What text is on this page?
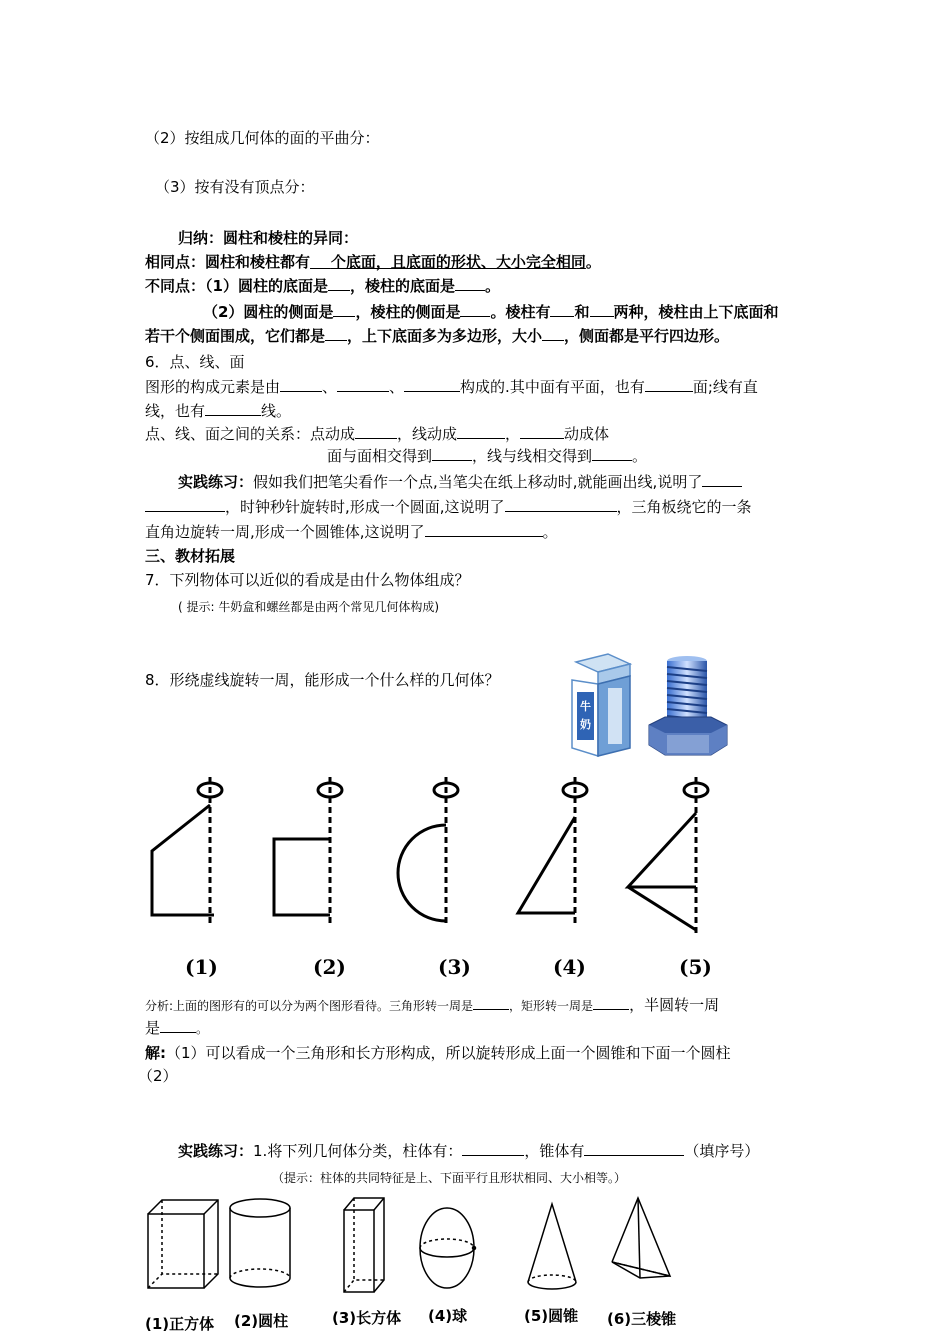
（2）按组成几何体的面的平曲分：
（3）按有没有顶点分：
归纳：圆柱和棱柱的异同：
相同点：圆柱和棱柱都有 个底面，且底面的形状、大小完全相同。
不同点：（1）圆柱的底面是 ，棱柱的底面是 。
（2）圆柱的侧面是 ，棱柱的侧面是 。棱柱有 和 两种，棱柱由上下底面和
若干个侧面围成，它们都是 ，上下底面多为多边形，大小 ，侧面都是平行四边形。
6．点、线、面
图形的构成元素是由	、	、	构成的.其中面有平面，也有	面;线有直
线，也有	线。
点、线、面之间的关系：点动成	，线动成	，	动成体
面与面相交得到	，线与线相交得到	。
实践练习：假如我们把笔尖看作一个点,当笔尖在纸上移动时,就能画出线,说明了
，时钟秒针旋转时,形成一个圆面,这说明了	，三角板绕它的一条
直角边旋转一周,形成一个圆锥体,这说明了	。
三、教材拓展
7．下列物体可以近似的看成是由什么物体组成？
( 提示: 牛奶盒和螺丝都是由两个常见几何体构成)
8．形绕虚线旋转一周，能形成一个什么样的几何体？
牛
奶
(1)	(2)	(3)	(4)	(5)
分析:上面的图形有的可以分为两个图形看待。三角形转一周是	，矩形转一周是 ，半圆转一周
是	。
解:（1）可以看成一个三角形和长方形构成，所以旋转形成上面一个圆锥和下面一个圆柱
（2）
实践练习：1.将下列几何体分类，柱体有：	，锥体有	（填序号）
（提示：柱体的共同特征是上、下面平行且形状相同、大小相等。）
(1)正方体 (2)圆柱	(3)长方体 (4)球	(5)圆锥 (6)三棱锥
